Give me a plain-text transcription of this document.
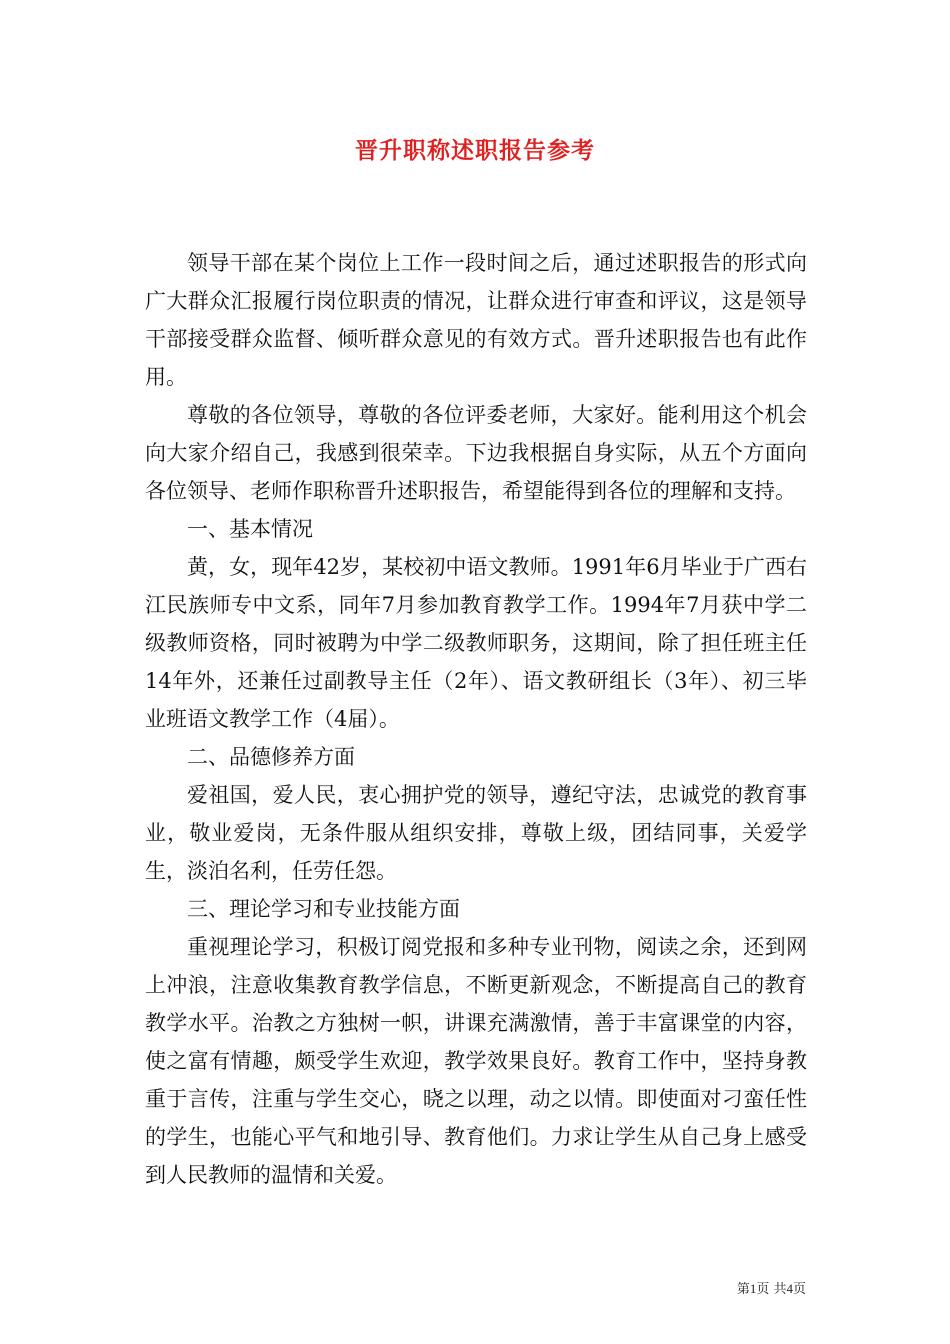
晋升职称述职报告参考

领导干部在某个岗位上工作一段时间之后，通过述职报告的形式向广大群众汇报履行岗位职责的情况，让群众进行审查和评议，这是领导干部接受群众监督、倾听群众意见的有效方式。晋升述职报告也有此作用。

尊敬的各位领导，尊敬的各位评委老师，大家好。能利用这个机会向大家介绍自己，我感到很荣幸。下边我根据自身实际，从五个方面向各位领导、老师作职称晋升述职报告，希望能得到各位的理解和支持。

一、基本情况

黄，女，现年42岁，某校初中语文教师。1991年6月毕业于广西右江民族师专中文系，同年7月参加教育教学工作。1994年7月获中学二级教师资格，同时被聘为中学二级教师职务，这期间，除了担任班主任14年外，还兼任过副教导主任（2年）、语文教研组长（3年）、初三毕业班语文教学工作（4届）。

二、品德修养方面

爱祖国，爱人民，衷心拥护党的领导，遵纪守法，忠诚党的教育事业，敬业爱岗，无条件服从组织安排，尊敬上级，团结同事，关爱学生，淡泊名利，任劳任怨。

三、理论学习和专业技能方面

重视理论学习，积极订阅党报和多种专业刊物，阅读之余，还到网上冲浪，注意收集教育教学信息，不断更新观念，不断提高自己的教育教学水平。治教之方独树一帜，讲课充满激情，善于丰富课堂的内容，使之富有情趣，颇受学生欢迎，教学效果良好。教育工作中，坚持身教重于言传，注重与学生交心，晓之以理，动之以情。即使面对刁蛮任性的学生，也能心平气和地引导、教育他们。力求让学生从自己身上感受到人民教师的温情和关爱。

第1页 共4页
